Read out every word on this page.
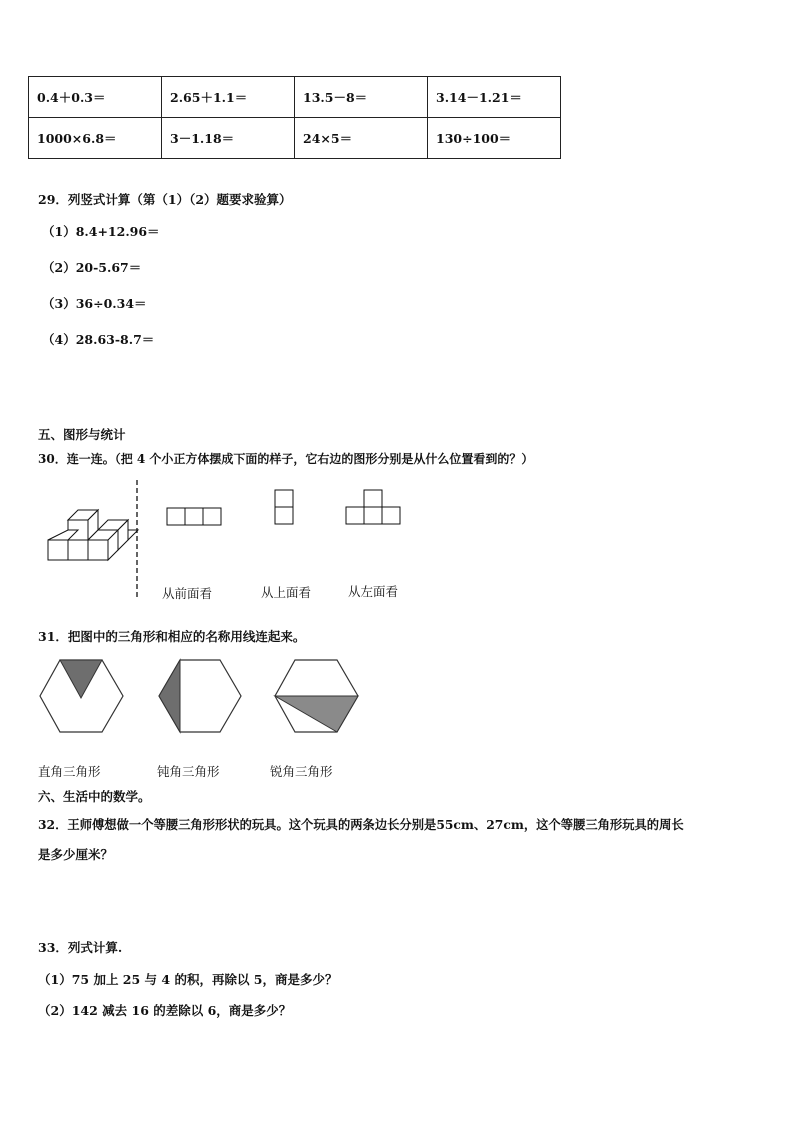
0.4＋0.3＝	2.65＋1.1＝	13.5－8＝	3.14－1.21＝
1000×6.8＝	3－1.18＝	24×5＝	130÷100＝
29．列竖式计算（第（1）（2）题要求验算）
（1）8.4+12.96＝
（2）20-5.67＝
（3）36÷0.34＝
（4）28.63-8.7＝
五、图形与统计
30．连一连。（把 4 个小正方体摆成下面的样子，它右边的图形分别是从什么位置看到的？）
从前面看	从上面看	从左面看
31．把图中的三角形和相应的名称用线连起来。
直角三角形	钝角三角形	锐角三角形
六、生活中的数学。
32．王师傅想做一个等腰三角形形状的玩具。这个玩具的两条边长分别是55cm、27cm，这个等腰三角形玩具的周长
是多少厘米？
33．列式计算.
（1）75 加上 25 与 4 的积，再除以 5，商是多少？
（2）142 减去 16 的差除以 6，商是多少？
